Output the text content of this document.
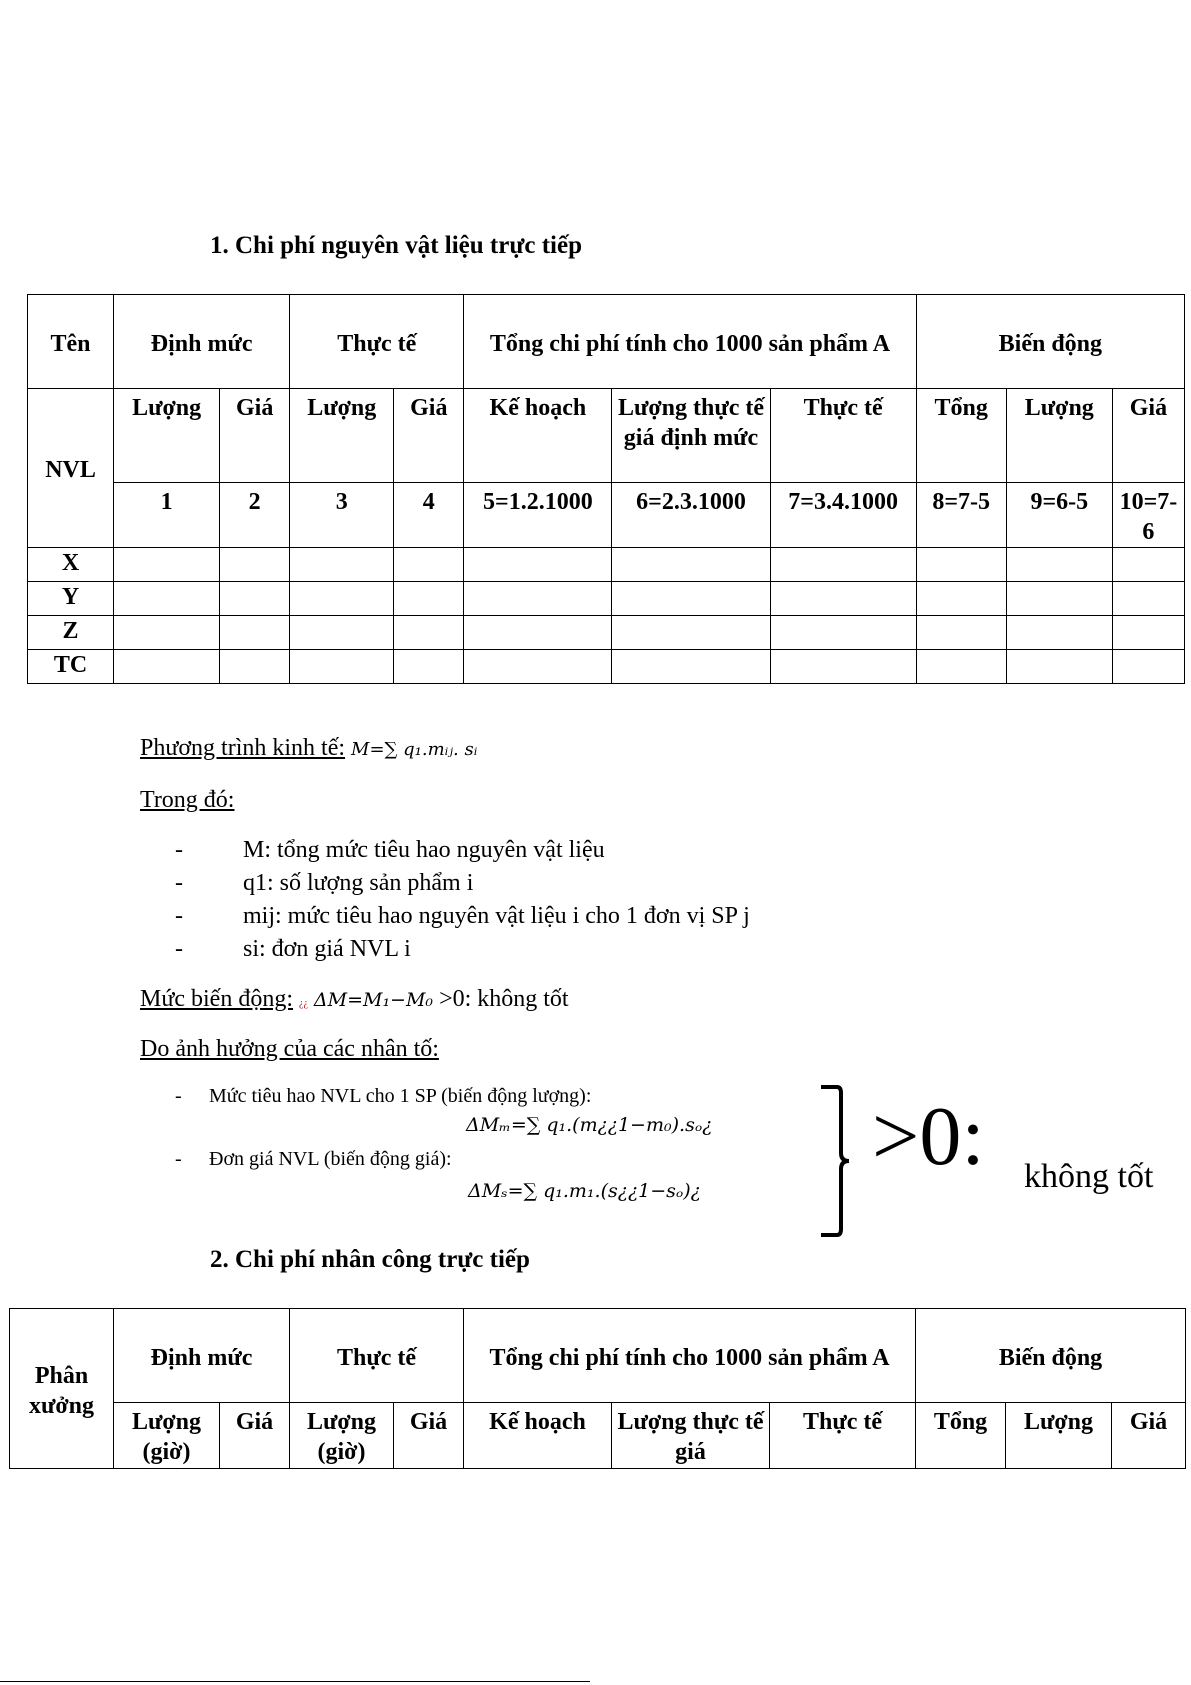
1. Chi phí nguyên vật liệu trực tiếp
Tên	Định mức		Thực tế		Tổng chi phí tính cho 1000 sản phẩm A			Biến động		
NVL	Lượng	Giá	Lượng	Giá	Kế hoạch	Lượng thực tế giá định mức	Thực tế	Tổng	Lượng	Giá
	1	2	3	4	5=1.2.1000	6=2.3.1000	7=3.4.1000	8=7-5	9=6-5	10=7-6
X										
Y										
Z										
TC										
Phương trình kinh tế: M=∑ q₁.mᵢⱼ. sᵢ
Trong đó:
- M: tổng mức tiêu hao nguyên vật liệu
- q1: số lượng sản phẩm i
- mij: mức tiêu hao nguyên vật liệu i cho 1 đơn vị SP j
- si: đơn giá NVL i
Mức biến động: ¿¿ ΔM=M₁−M₀ >0: không tốt
Do ảnh hưởng của các nhân tố:
- Mức tiêu hao NVL cho 1 SP (biến động lượng):
ΔMₘ=∑ q₁.(m¿¿1−m₀).sₒ¿
- Đơn giá NVL (biến động giá):
ΔMₛ=∑ q₁.m₁.(s¿¿1−sₒ)¿
>0: không tốt
2. Chi phí nhân công trực tiếp
Phân xưởng	Định mức		Thực tế		Tổng chi phí tính cho 1000 sản phẩm A			Biến động		
	Lượng (giờ)	Giá	Lượng (giờ)	Giá	Kế hoạch	Lượng thực tế giá	Thực tế	Tổng	Lượng	Giá
